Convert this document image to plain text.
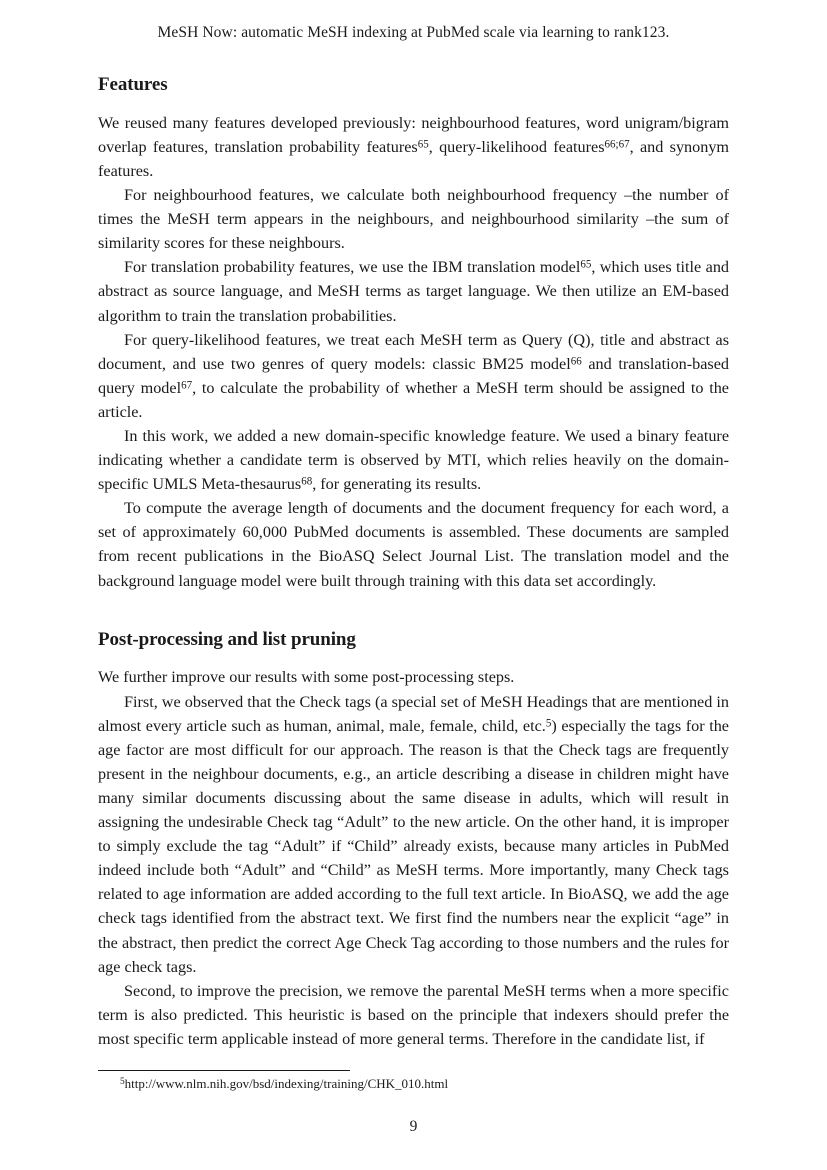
MeSH Now: automatic MeSH indexing at PubMed scale via learning to rank123.
Features

We reused many features developed previously: neighbourhood features, word unigram/bigram overlap features, translation probability features$^{65}$, query-likelihood features$^{66;67}$, and synonym features.

For neighbourhood features, we calculate both neighbourhood frequency –the number of times the MeSH term appears in the neighbours, and neighbourhood similarity –the sum of similarity scores for these neighbours.

For translation probability features, we use the IBM translation model$^{65}$, which uses title and abstract as source language, and MeSH terms as target language. We then utilize an EM-based algorithm to train the translation probabilities.

For query-likelihood features, we treat each MeSH term as Query (Q), title and abstract as document, and use two genres of query models: classic BM25 model$^{66}$ and translation-based query model$^{67}$, to calculate the probability of whether a MeSH term should be assigned to the article.

In this work, we added a new domain-specific knowledge feature. We used a binary feature indicating whether a candidate term is observed by MTI, which relies heavily on the domain-specific UMLS Meta-thesaurus$^{68}$, for generating its results.

To compute the average length of documents and the document frequency for each word, a set of approximately 60,000 PubMed documents is assembled. These documents are sampled from recent publications in the BioASQ Select Journal List. The translation model and the background language model were built through training with this data set accordingly.

Post-processing and list pruning

We further improve our results with some post-processing steps.

First, we observed that the Check tags (a special set of MeSH Headings that are mentioned in almost every article such as human, animal, male, female, child, etc.$^5$) especially the tags for the age factor are most difficult for our approach. The reason is that the Check tags are frequently present in the neighbour documents, e.g., an article describing a disease in children might have many similar documents discussing about the same disease in adults, which will result in assigning the undesirable Check tag “Adult” to the new article. On the other hand, it is improper to simply exclude the tag “Adult” if “Child” already exists, because many articles in PubMed indeed include both “Adult” and “Child” as MeSH terms. More importantly, many Check tags related to age information are added according to the full text article. In BioASQ, we add the age check tags identified from the abstract text. We first find the numbers near the explicit “age” in the abstract, then predict the correct Age Check Tag according to those numbers and the rules for age check tags.

Second, to improve the precision, we remove the parental MeSH terms when a more specific term is also predicted. This heuristic is based on the principle that indexers should prefer the most specific term applicable instead of more general terms. Therefore in the candidate list, if

$^5$http://www.nlm.nih.gov/bsd/indexing/training/CHK_010.html

9
